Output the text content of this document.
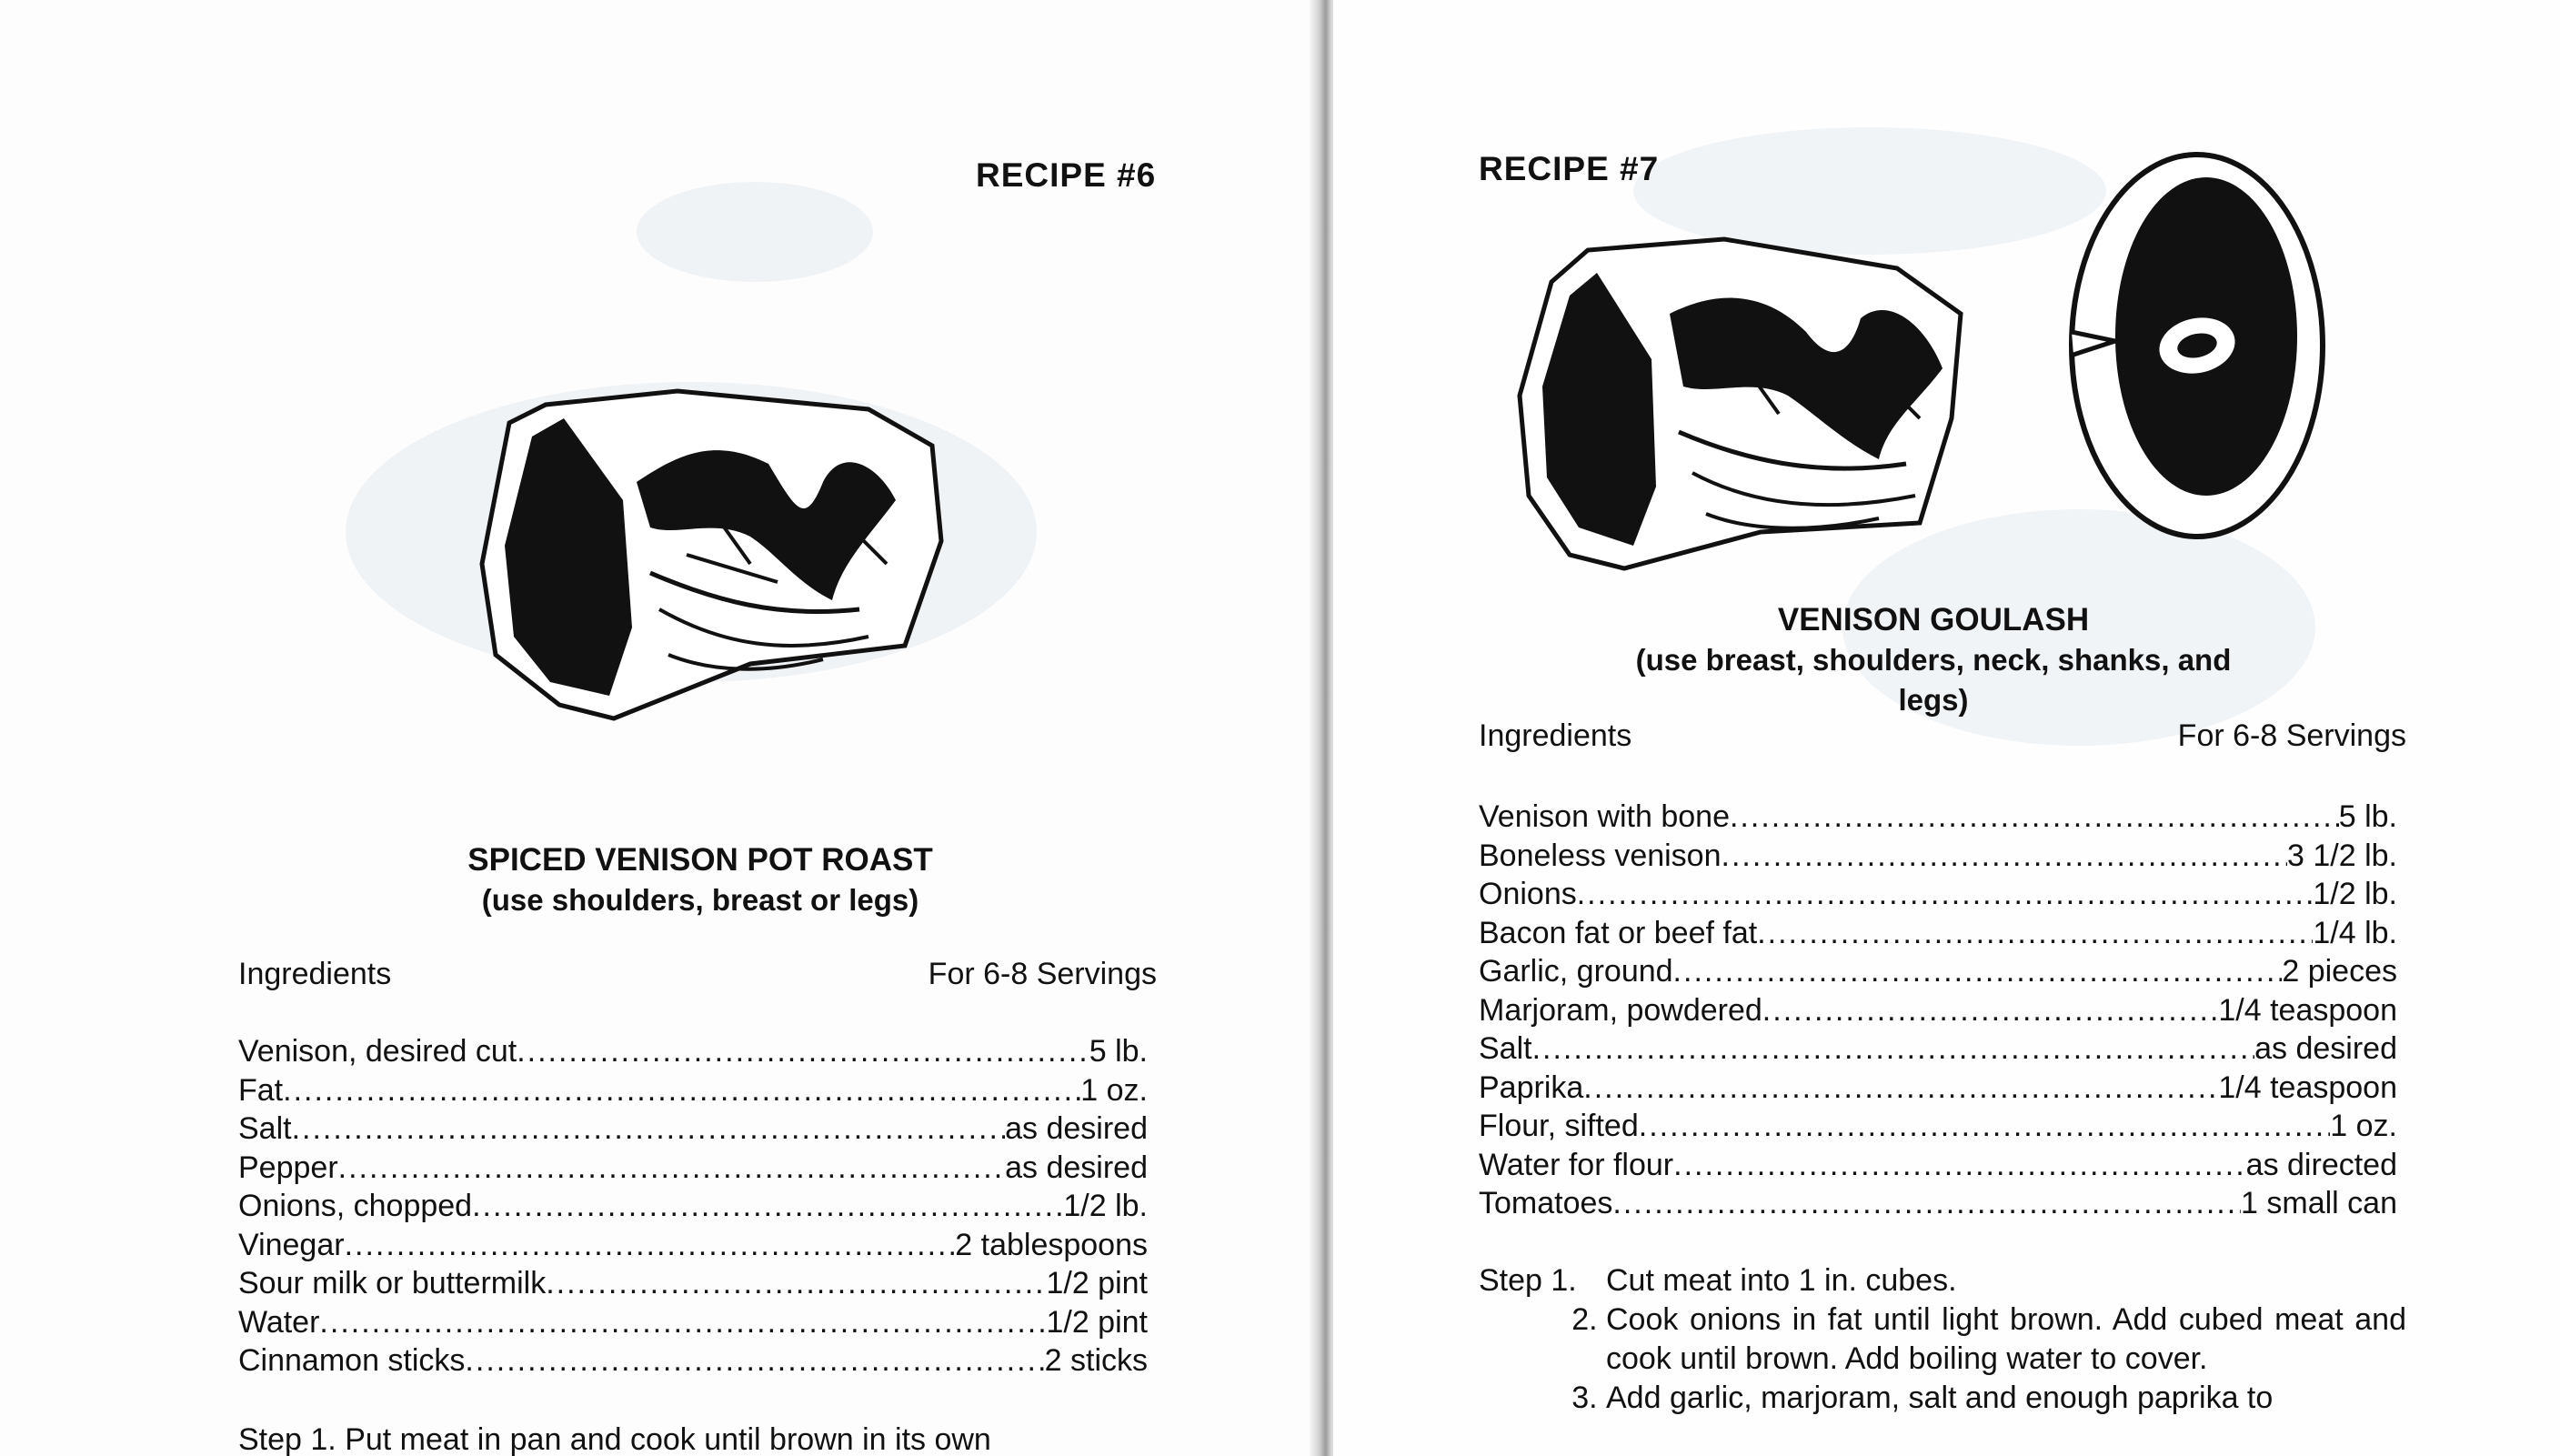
RECIPE #6
SPICED VENISON POT ROAST
(use shoulders, breast or legs)
Ingredients	For 6-8 Servings
Venison, desired cut .....	5 lb.
Fat .....	1 oz.
Salt .....	as desired
Pepper .....	as desired
Onions, chopped .....	1/2 lb.
Vinegar .....	2 tablespoons
Sour milk or buttermilk .....	1/2 pint
Water .....	1/2 pint
Cinnamon sticks .....	2 sticks
Step 1. Put meat in pan and cook until brown in its own
RECIPE #7
VENISON GOULASH
(use breast, shoulders, neck, shanks, and legs)
Ingredients	For 6-8 Servings
Venison with bone .....	5 lb.
Boneless venison .....	3 1/2 lb.
Onions .....	1/2 lb.
Bacon fat or beef fat .....	1/4 lb.
Garlic, ground .....	2 pieces
Marjoram, powdered .....	1/4 teaspoon
Salt .....	as desired
Paprika .....	1/4 teaspoon
Flour, sifted .....	1 oz.
Water for flour .....	as directed
Tomatoes .....	1 small can
Step 1. Cut meat into 1 in. cubes.
2. Cook onions in fat until light brown. Add cubed meat and cook until brown. Add boiling water to cover.
3. Add garlic, marjoram, salt and enough paprika to
